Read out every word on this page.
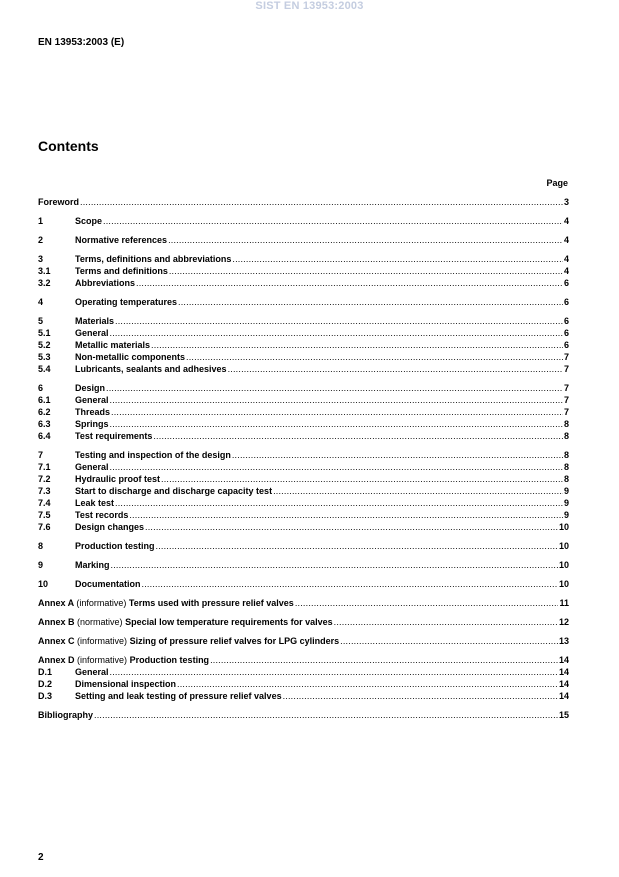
SIST EN 13953:2003
EN 13953:2003 (E)
Contents
Page
Foreword .....	3
1	Scope .....	4
2	Normative references .....	4
3	Terms, definitions and abbreviations .....	4
3.1	Terms and definitions .....	4
3.2	Abbreviations .....	6
4	Operating temperatures .....	6
5	Materials .....	6
5.1	General .....	6
5.2	Metallic materials .....	6
5.3	Non-metallic components .....	7
5.4	Lubricants, sealants and adhesives .....	7
6	Design .....	7
6.1	General .....	7
6.2	Threads .....	7
6.3	Springs .....	8
6.4	Test requirements .....	8
7	Testing and inspection of the design .....	8
7.1	General .....	8
7.2	Hydraulic proof test .....	8
7.3	Start to discharge and discharge capacity test .....	9
7.4	Leak test .....	9
7.5	Test records .....	9
7.6	Design changes .....	10
8	Production testing .....	10
9	Marking .....	10
10	Documentation .....	10
Annex A (informative) Terms used with pressure relief valves .....	11
Annex B (normative) Special low temperature requirements for valves .....	12
Annex C (informative) Sizing of pressure relief valves for LPG cylinders .....	13
Annex D (informative) Production testing .....	14
D.1	General .....	14
D.2	Dimensional inspection .....	14
D.3	Setting and leak testing of pressure relief valves .....	14
Bibliography .....	15
2
